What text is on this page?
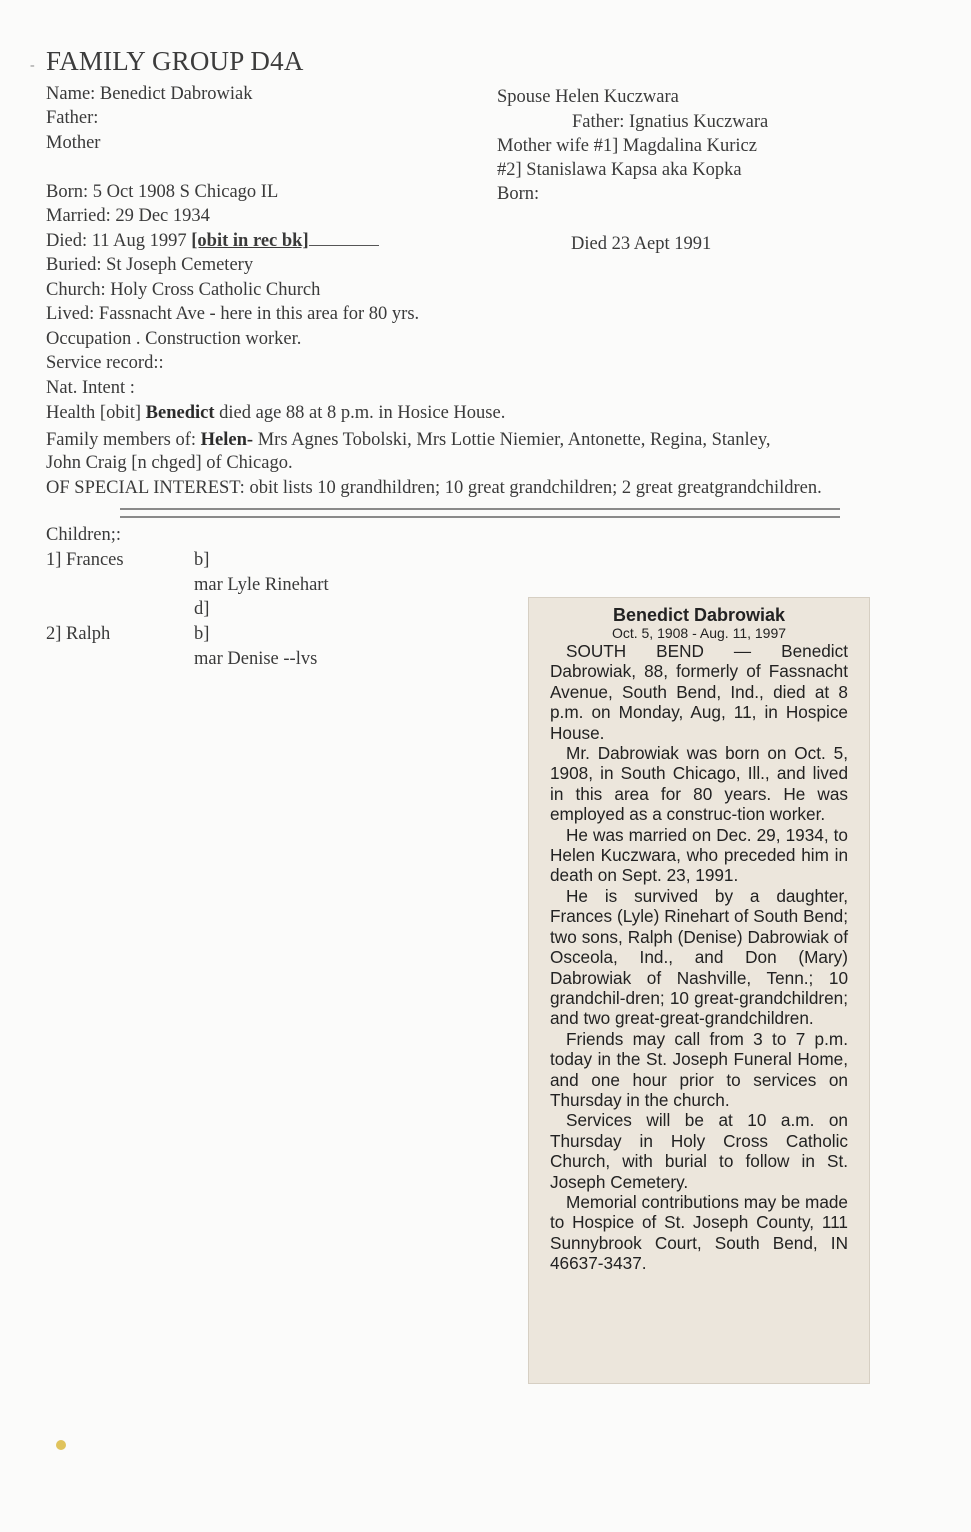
- FAMILY GROUP D4A
Name: Benedict Dabrowiak
Father:
Mother
Born: 5 Oct 1908 S Chicago IL
Married: 29 Dec 1934
Died: 11 Aug 1997 [obit in rec bk]
Buried: St Joseph Cemetery
Church: Holy Cross Catholic Church
Lived: Fassnacht Ave - here in this area for 80 yrs.
Occupation . Construction worker.
Service record::
Nat. Intent :
Health [obit] Benedict died age 88 at 8 p.m. in Hosice House.
Family members of: Helen- Mrs Agnes Tobolski, Mrs Lottie Niemier, Antonette, Regina, Stanley,
John Craig [n chged] of Chicago.
OF SPECIAL INTEREST: obit lists 10 grandhildren; 10 great grandchildren; 2 great greatgrandchildren.
Spouse Helen Kuczwara
Father: Ignatius Kuczwara
Mother wife #1] Magdalina Kuricz
#2] Stanislawa Kapsa aka Kopka
Born:
Died 23 Aept 1991
Children;:
1] Frances	b]
mar Lyle Rinehart
d]
2] Ralph	b]
mar Denise --lvs
Benedict Dabrowiak
Oct. 5, 1908 - Aug. 11, 1997

SOUTH BEND — Benedict Dabrowiak, 88, formerly of Fassnacht Avenue, South Bend, Ind., died at 8 p.m. on Monday, Aug, 11, in Hospice House.

Mr. Dabrowiak was born on Oct. 5, 1908, in South Chicago, Ill., and lived in this area for 80 years. He was employed as a construc-tion worker.

He was married on Dec. 29, 1934, to Helen Kuczwara, who preceded him in death on Sept. 23, 1991.

He is survived by a daughter, Frances (Lyle) Rinehart of South Bend; two sons, Ralph (Denise) Dabrowiak of Osceola, Ind., and Don (Mary) Dabrowiak of Nashville, Tenn.; 10 grandchil-dren; 10 great-grandchildren; and two great-great-grandchildren.

Friends may call from 3 to 7 p.m. today in the St. Joseph Funeral Home, and one hour prior to services on Thursday in the church.

Services will be at 10 a.m. on Thursday in Holy Cross Catholic Church, with burial to follow in St. Joseph Cemetery.

Memorial contributions may be made to Hospice of St. Joseph County, 111 Sunnybrook Court, South Bend, IN 46637-3437.
